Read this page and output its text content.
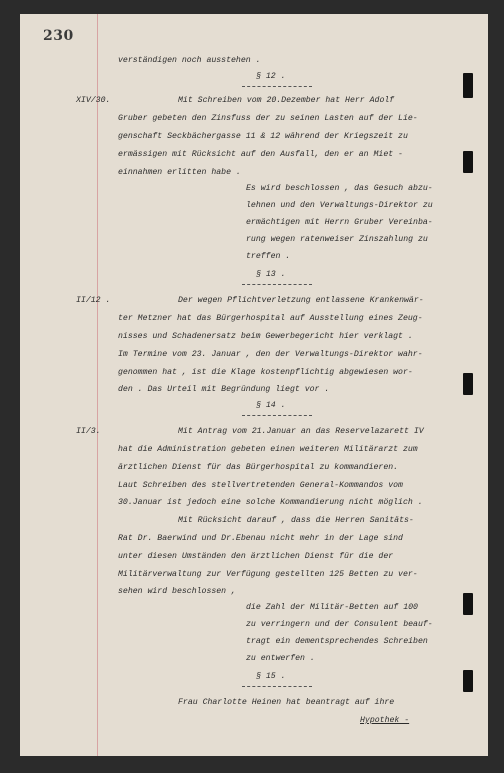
230
XIV/30.
II/12 .
II/3.
verständigen noch ausstehen .
§ 12 .
Mit Schreiben vom 20.Dezember hat Herr Adolf
Gruber gebeten den Zinsfuss der zu seinen Lasten auf der Lie-
genschaft Seckbächergasse 11 & 12 während der Kriegszeit zu
ermässigen mit Rücksicht auf den Ausfall, den er an Miet -
einnahmen erlitten habe .
Es wird beschlossen , das Gesuch abzu-
lehnen und den Verwaltungs-Direktor zu
ermächtigen mit Herrn Gruber Vereinba-
rung wegen ratenweiser Zinszahlung zu
treffen .
§ 13 .
Der wegen Pflichtverletzung entlassene Krankenwär-
ter Metzner hat das Bürgerhospital auf Ausstellung eines Zeug-
nisses und Schadenersatz beim Gewerbegericht hier verklagt .
Im Termine vom 23. Januar , den der Verwaltungs-Direktor wahr-
genommen hat , ist die Klage kostenpflichtig abgewiesen wor-
den . Das Urteil mit Begründung liegt vor .
§ 14 .
Mit Antrag vom 21.Januar an das Reservelazarett IV
hat die Administration gebeten einen weiteren Militärarzt zum
ärztlichen Dienst für das Bürgerhospital zu kommandieren.
Laut Schreiben des stellvertretenden General-Kommandos vom
30.Januar ist jedoch eine solche Kommandierung nicht möglich .
Mit Rücksicht darauf , dass die Herren Sanitäts-
Rat Dr. Baerwind und Dr.Ebenau nicht mehr in der Lage sind
unter diesen Umständen den ärztlichen Dienst für die der
Militärverwaltung zur Verfügung gestellten 125 Betten zu ver-
sehen wird beschlossen ,
die Zahl der Militär-Betten auf 100
zu verringern und der Consulent beauf-
tragt ein dementsprechendes Schreiben
zu entwerfen .
§ 15 .
Frau Charlotte Heinen hat beantragt auf ihre
Hypothek -
